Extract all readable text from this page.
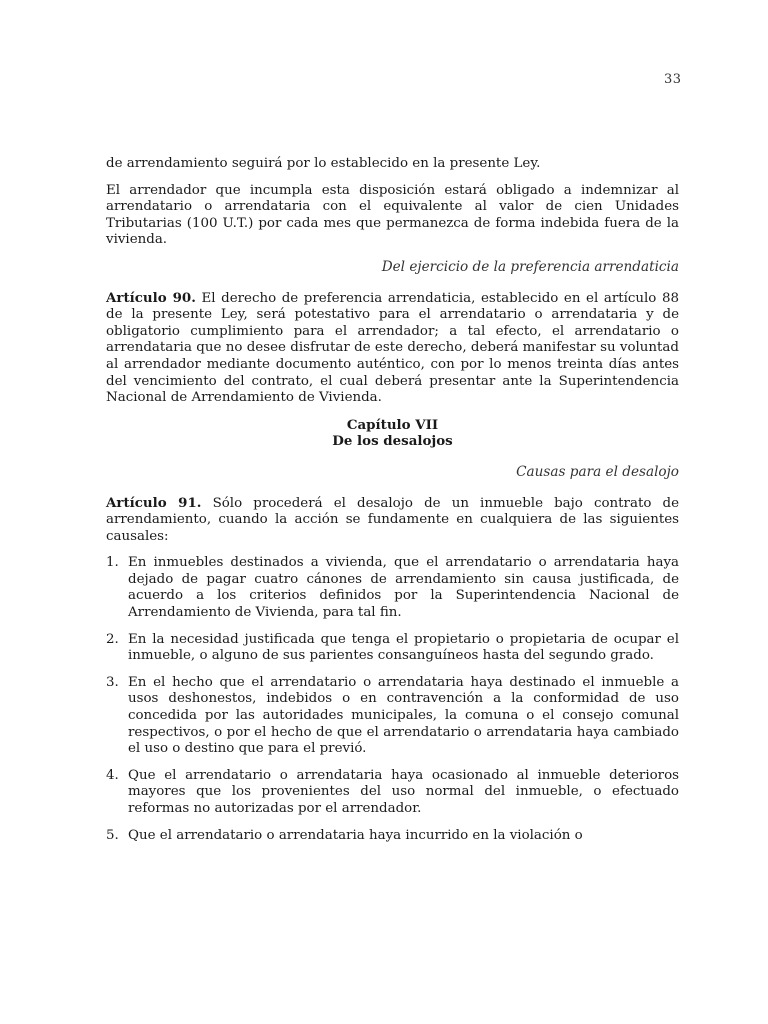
33

de arrendamiento seguirá por lo establecido en la presente Ley.

El arrendador que incumpla esta disposición estará obligado a indemnizar al arrendatario o arrendataria con el equivalente al valor de cien Unidades Tributarias (100 U.T.) por cada mes que permanezca de forma indebida fuera de la vivienda.

Del ejercicio de la preferencia arrendaticia

Artículo 90. El derecho de preferencia arrendaticia, establecido en el artículo 88 de la presente Ley, será potestativo para el arrendatario o arrendataria y de obligatorio cumplimiento para el arrendador; a tal efecto, el arrendatario o arrendataria que no desee disfrutar de este derecho, deberá manifestar su voluntad al arrendador mediante documento auténtico, con por lo menos treinta días antes del vencimiento del contrato, el cual deberá presentar ante la Superintendencia Nacional de Arrendamiento de Vivienda.

Capítulo VII
De los desalojos
Causas para el desalojo

Artículo 91. Sólo procederá el desalojo de un inmueble bajo contrato de arrendamiento, cuando la acción se fundamente en cualquiera de las siguientes causales:

1. En inmuebles destinados a vivienda, que el arrendatario o arrendataria haya dejado de pagar cuatro cánones de arrendamiento sin causa justificada, de acuerdo a los criterios definidos por la Superintendencia Nacional de Arrendamiento de Vivienda, para tal fin.
2. En la necesidad justificada que tenga el propietario o propietaria de ocupar el inmueble, o alguno de sus parientes consanguíneos hasta del segundo grado.
3. En el hecho que el arrendatario o arrendataria haya destinado el inmueble a usos deshonestos, indebidos o en contravención a la conformidad de uso concedida por las autoridades municipales, la comuna o el consejo comunal respectivos, o por el hecho de que el arrendatario o arrendataria haya cambiado el uso o destino que para el previó.
4. Que el arrendatario o arrendataria haya ocasionado al inmueble deterioros mayores que los provenientes del uso normal del inmueble, o efectuado reformas no autorizadas por el arrendador.
5. Que el arrendatario o arrendataria haya incurrido en la violación o
